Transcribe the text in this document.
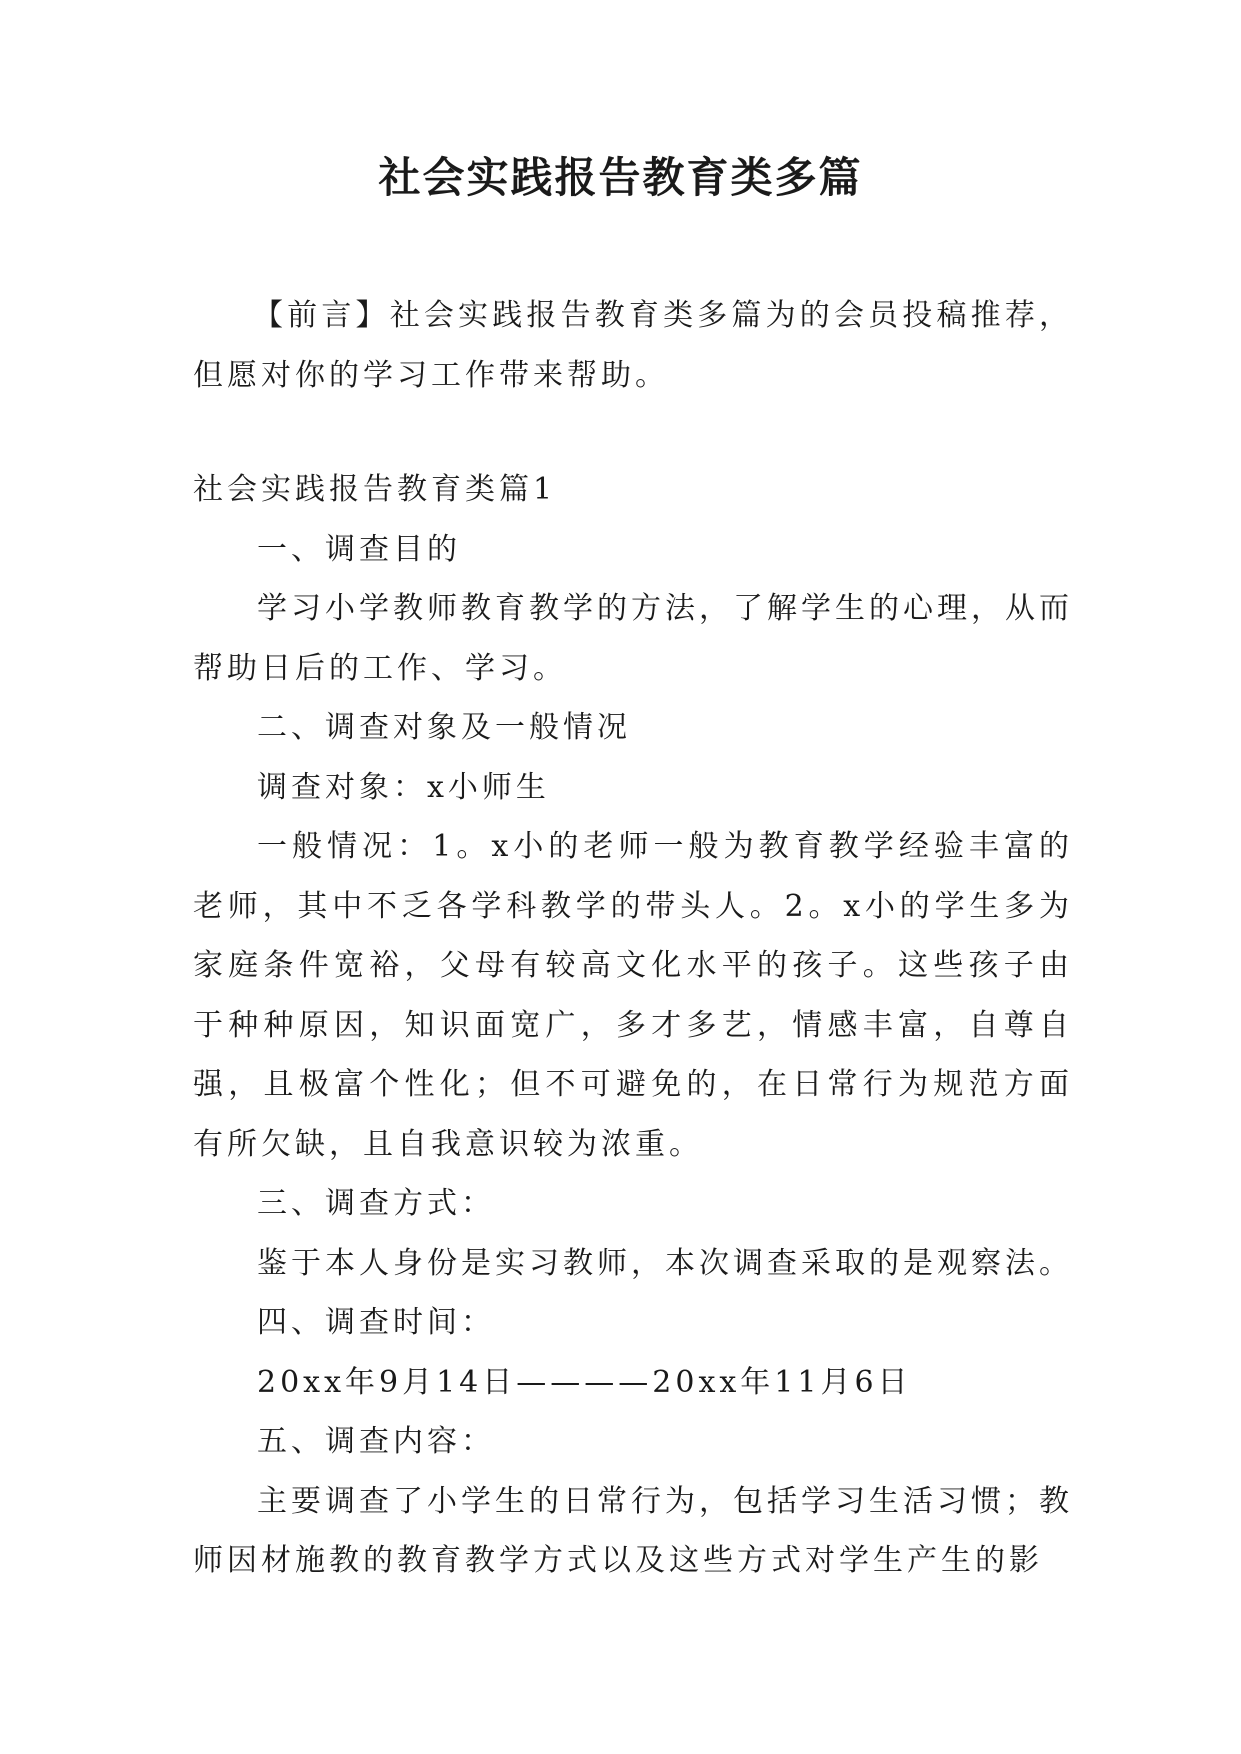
社会实践报告教育类多篇

【前言】社会实践报告教育类多篇为的会员投稿推荐，但愿对你的学习工作带来帮助。

社会实践报告教育类篇1

一、调查目的

学习小学教师教育教学的方法，了解学生的心理，从而帮助日后的工作、学习。

二、调查对象及一般情况

调查对象：x小师生

一般情况：1。x小的老师一般为教育教学经验丰富的老师，其中不乏各学科教学的带头人。2。x小的学生多为家庭条件宽裕，父母有较高文化水平的孩子。这些孩子由于种种原因，知识面宽广，多才多艺，情感丰富，自尊自强，且极富个性化；但不可避免的，在日常行为规范方面有所欠缺，且自我意识较为浓重。

三、调查方式：

鉴于本人身份是实习教师，本次调查采取的是观察法。

四、调查时间：

20xx年9月14日————20xx年11月6日

五、调查内容：

主要调查了小学生的日常行为，包括学习生活习惯；教师因材施教的教育教学方式以及这些方式对学生产生的影
